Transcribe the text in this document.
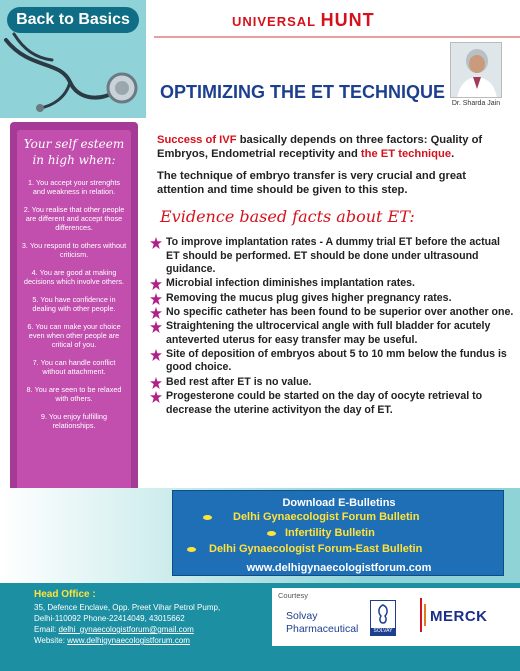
Back to Basics	UNIVERSAL HUNT
Dr. Sharda Jain
OPTIMIZING THE ET TECHNIQUE
Your self esteem in high when:
1. You accept your strenghts and weakness in relation.
2. You realise that other people are different and accept those differences.
3. You respond to others without criticism.
4. You are good at making decisions which involve others.
5. You have confidence in dealing with other people.
6. You can make your choice even when other people are critical of you.
7. You can handle conflict without attachment.
8. You are seen to be relaxed with others.
9. You enjoy fulfilling relationships.
Success of IVF basically depends on three factors: Quality of Embryos, Endometrial receptivity and the ET technique.
The technique of embryo transfer is very crucial and great attention and time should be given to this step.
Evidence based facts about ET:
To improve implantation rates - A dummy trial ET before the actual ET should be performed. ET should be done under ultrasound guidance.
Microbial infection diminishes implantation rates.
Removing the mucus plug gives higher pregnancy rates.
No specific catheter has been found to be superior over another one.
Straightening the ultrocervical angle with full bladder for acutely anteverted uterus for easy transfer may be useful.
Site of deposition of embryos about 5 to 10 mm below the fundus is good choice.
Bed rest after ET is no value.
Progesterone could be started on the day of oocyte retrieval to decrease the uterine activityon the day of ET.
Download E-Bulletins
Delhi Gynaecologist Forum Bulletin
Infertility Bulletin
Delhi Gynaecologist Forum-East Bulletin
www.delhigynaecologistforum.com
Head Office :
35, Defence Enclave, Opp. Preet Vihar Petrol Pump,
Delhi-110092 Phone-22414049, 43015662
Email: delhi_gynaecologistforum@gmail.com
Website: www.delhigynaecologistforum.com
Courtesy
Solvay
Pharmaceutical	SOLVAY
MERCK
